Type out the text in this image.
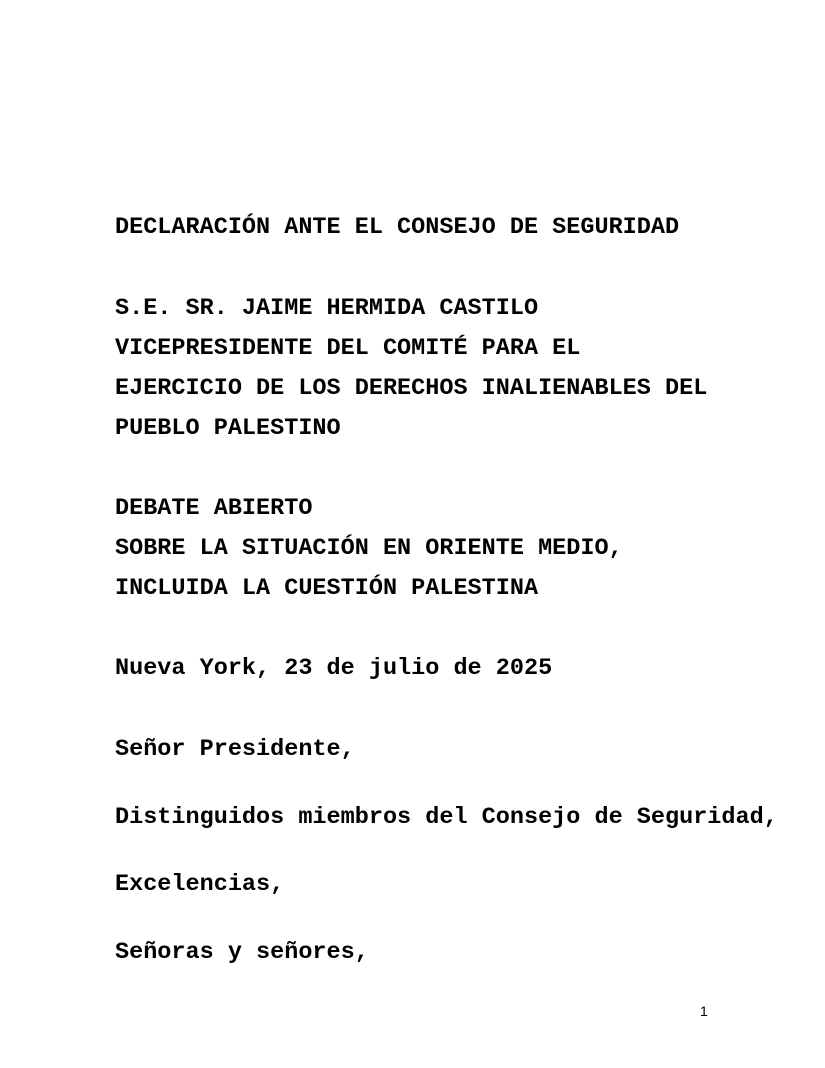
DECLARACIÓN ANTE EL CONSEJO DE SEGURIDAD
S.E. SR. JAIME HERMIDA CASTILO
VICEPRESIDENTE DEL COMITÉ PARA EL
EJERCICIO DE LOS DERECHOS INALIENABLES DEL
PUEBLO PALESTINO
DEBATE ABIERTO
SOBRE LA SITUACIÓN EN ORIENTE MEDIO,
INCLUIDA LA CUESTIÓN PALESTINA
Nueva York, 23 de julio de 2025
Señor Presidente,
Distinguidos miembros del Consejo de Seguridad,
Excelencias,
Señoras y señores,
1
